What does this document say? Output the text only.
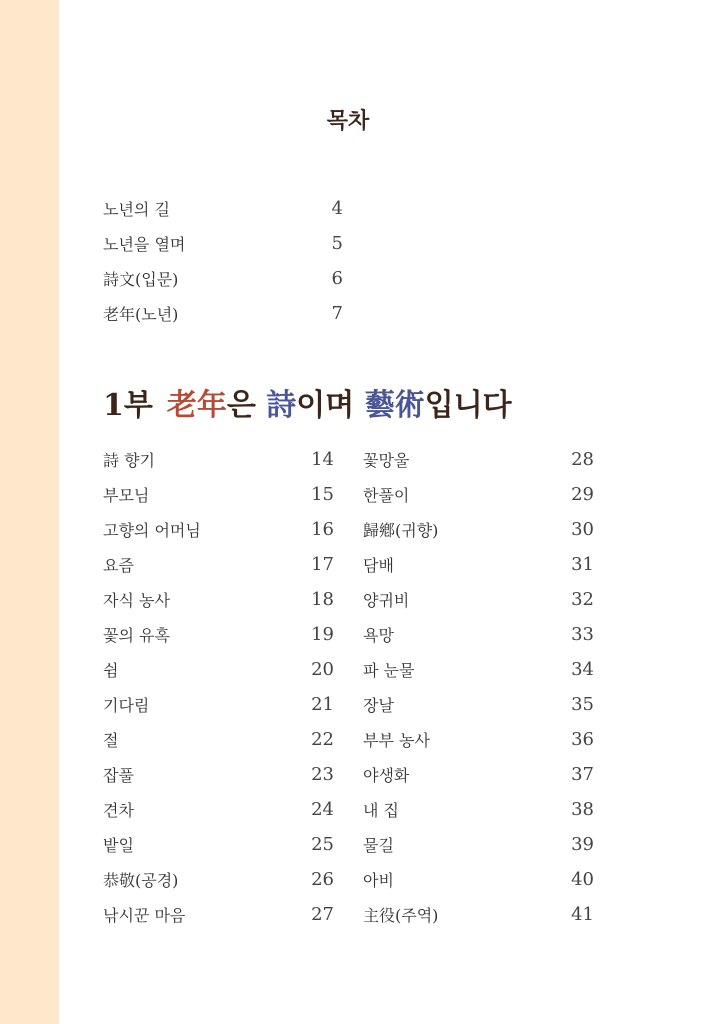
목차
노년의 길	4
노년을 열며	5
詩文(입문)	6
老年(노년)	7
1부 老年은 詩이며 藝術입니다
詩 향기	14
부모님	15
고향의 어머님	16
요즘	17
자식 농사	18
꽃의 유혹	19
쉼	20
기다림	21
절	22
잡풀	23
견차	24
밭일	25
恭敬(공경)	26
낚시꾼 마음	27
꽃망울	28
한풀이	29
歸鄕(귀향)	30
담배	31
양귀비	32
욕망	33
파 눈물	34
장날	35
부부 농사	36
야생화	37
내 집	38
물길	39
아비	40
主役(주역)	41
